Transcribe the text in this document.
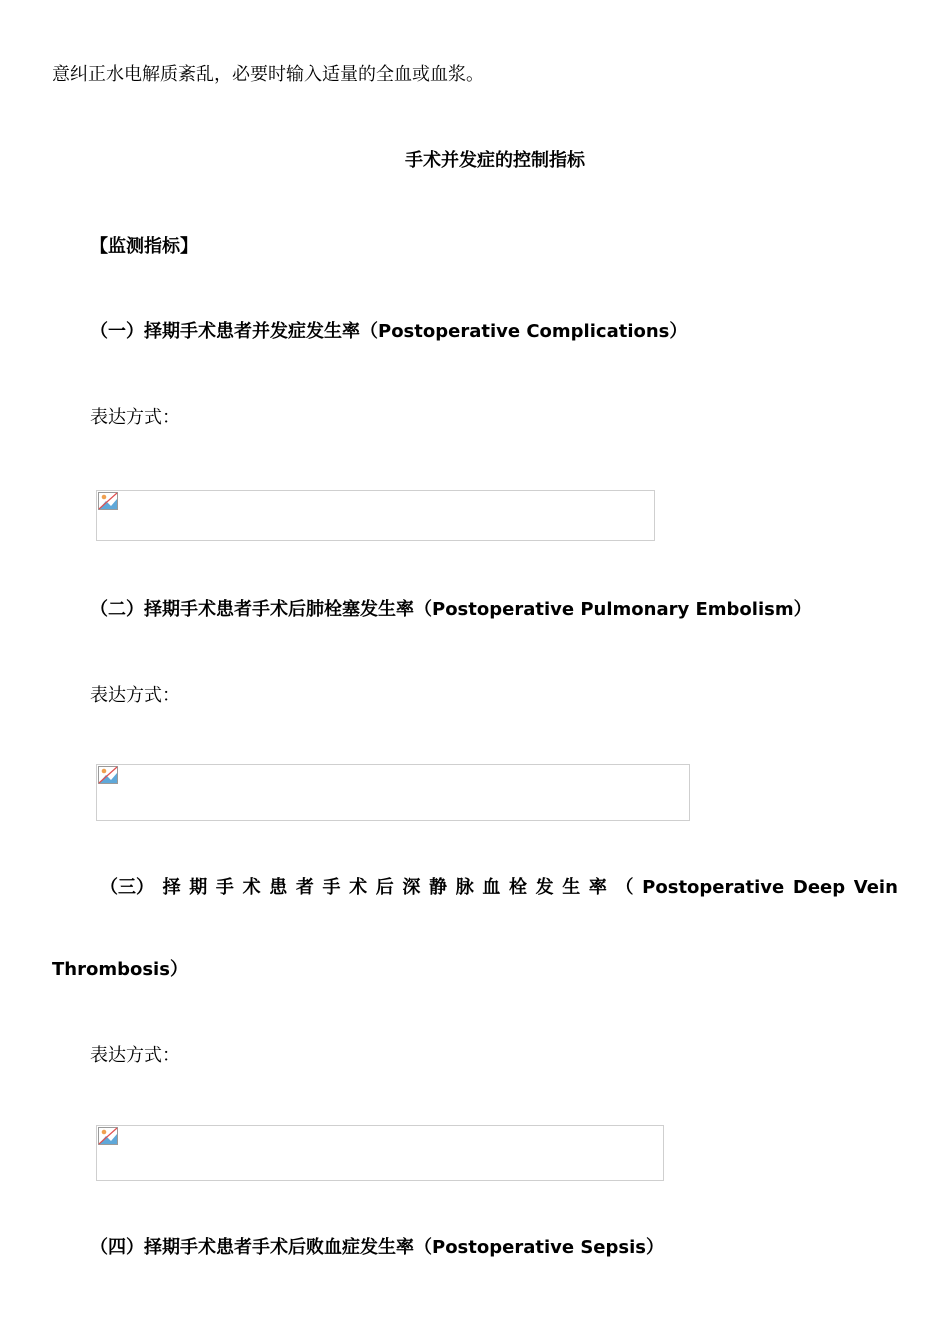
意纠正水电解质紊乱，必要时输入适量的全血或血浆。
手术并发症的控制指标
【监测指标】
（一）择期手术患者并发症发生率（Postoperative Complications）
表达方式：
（二）择期手术患者手术后肺栓塞发生率（Postoperative Pulmonary Embolism）
表达方式：
（三） 择 期 手 术 患 者 手 术 后 深 静 脉 血 栓 发 生 率 （ Postoperative Deep Vein
Thrombosis）
表达方式：
（四）择期手术患者手术后败血症发生率（Postoperative Sepsis）
